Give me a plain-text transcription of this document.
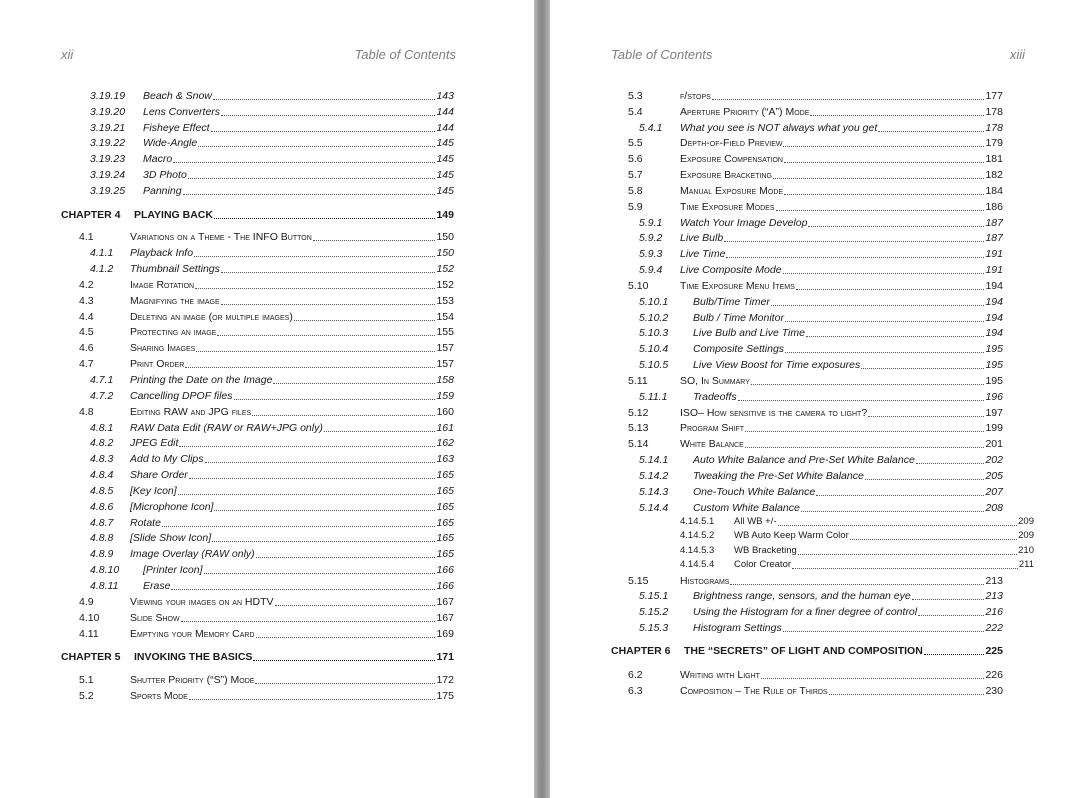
xii	Table of Contents
3.19.19 Beach & Snow	143
3.19.20 Lens Converters	144
3.19.21 Fisheye Effect	144
3.19.22 Wide-Angle	145
3.19.23 Macro	145
3.19.24 3D Photo	145
3.19.25 Panning	145
CHAPTER 4 PLAYING BACK	149
4.1	Variations on a Theme - The INFO Button	150
4.1.1 Playback Info	150
4.1.2 Thumbnail Settings	152
4.2	Image Rotation	152
4.3	Magnifying the image	153
4.4	Deleting an image (or multiple images)	154
4.5	Protecting an image	155
4.6	Sharing Images	157
4.7	Print Order	157
4.7.1 Printing the Date on the Image	158
4.7.2 Cancelling DPOF files	159
4.8	Editing RAW and JPG files	160
4.8.1 RAW Data Edit (RAW or RAW+JPG only)	161
4.8.2 JPEG Edit	162
4.8.3 Add to My Clips	163
4.8.4 Share Order	165
4.8.5 [Key Icon]	165
4.8.6 [Microphone Icon]	165
4.8.7 Rotate	165
4.8.8 [Slide Show Icon]	165
4.8.9 Image Overlay (RAW only)	165
4.8.10 [Printer Icon]	166
4.8.11 Erase	166
4.9	Viewing your images on an HDTV	167
4.10	Slide Show	167
4.11	Emptying your Memory Card	169
CHAPTER 5 INVOKING THE BASICS	171
5.1	Shutter Priority (“S”) Mode	172
5.2	Sports Mode	175
Table of Contents	xiii
5.3	f/stops	177
5.4	Aperture Priority (“A”) Mode	178
5.4.1 What you see is NOT always what you get	178
5.5	Depth-of-Field Preview	179
5.6	Exposure Compensation	181
5.7	Exposure Bracketing	182
5.8	Manual Exposure Mode	184
5.9	Time Exposure Modes	186
5.9.1 Watch Your Image Develop	187
5.9.2 Live Bulb	187
5.9.3 Live Time	191
5.9.4 Live Composite Mode	191
5.10	Time Exposure Menu Items	194
5.10.1 Bulb/Time Timer	194
5.10.2 Bulb / Time Monitor	194
5.10.3 Live Bulb and Live Time	194
5.10.4 Composite Settings	195
5.10.5 Live View Boost for Time exposures	195
5.11	SO, In Summary	195
5.11.1 Tradeoffs	196
5.12	ISO– How sensitive is the camera to light?	197
5.13	Program Shift	199
5.14	White Balance	201
5.14.1 Auto White Balance and Pre-Set White Balance	202
5.14.2 Tweaking the Pre-Set White Balance	205
5.14.3 One-Touch White Balance	207
5.14.4 Custom White Balance	208
4.14.5.1 All WB +/-	209
4.14.5.2 WB Auto Keep Warm Color	209
4.14.5.3 WB Bracketing	210
4.14.5.4 Color Creator	211
5.15	Histograms	213
5.15.1 Brightness range, sensors, and the human eye	213
5.15.2 Using the Histogram for a finer degree of control	216
5.15.3 Histogram Settings	222
CHAPTER 6 THE “SECRETS” OF LIGHT AND COMPOSITION	225
6.2	Writing with Light	226
6.3	Composition – The Rule of Thirds	230
